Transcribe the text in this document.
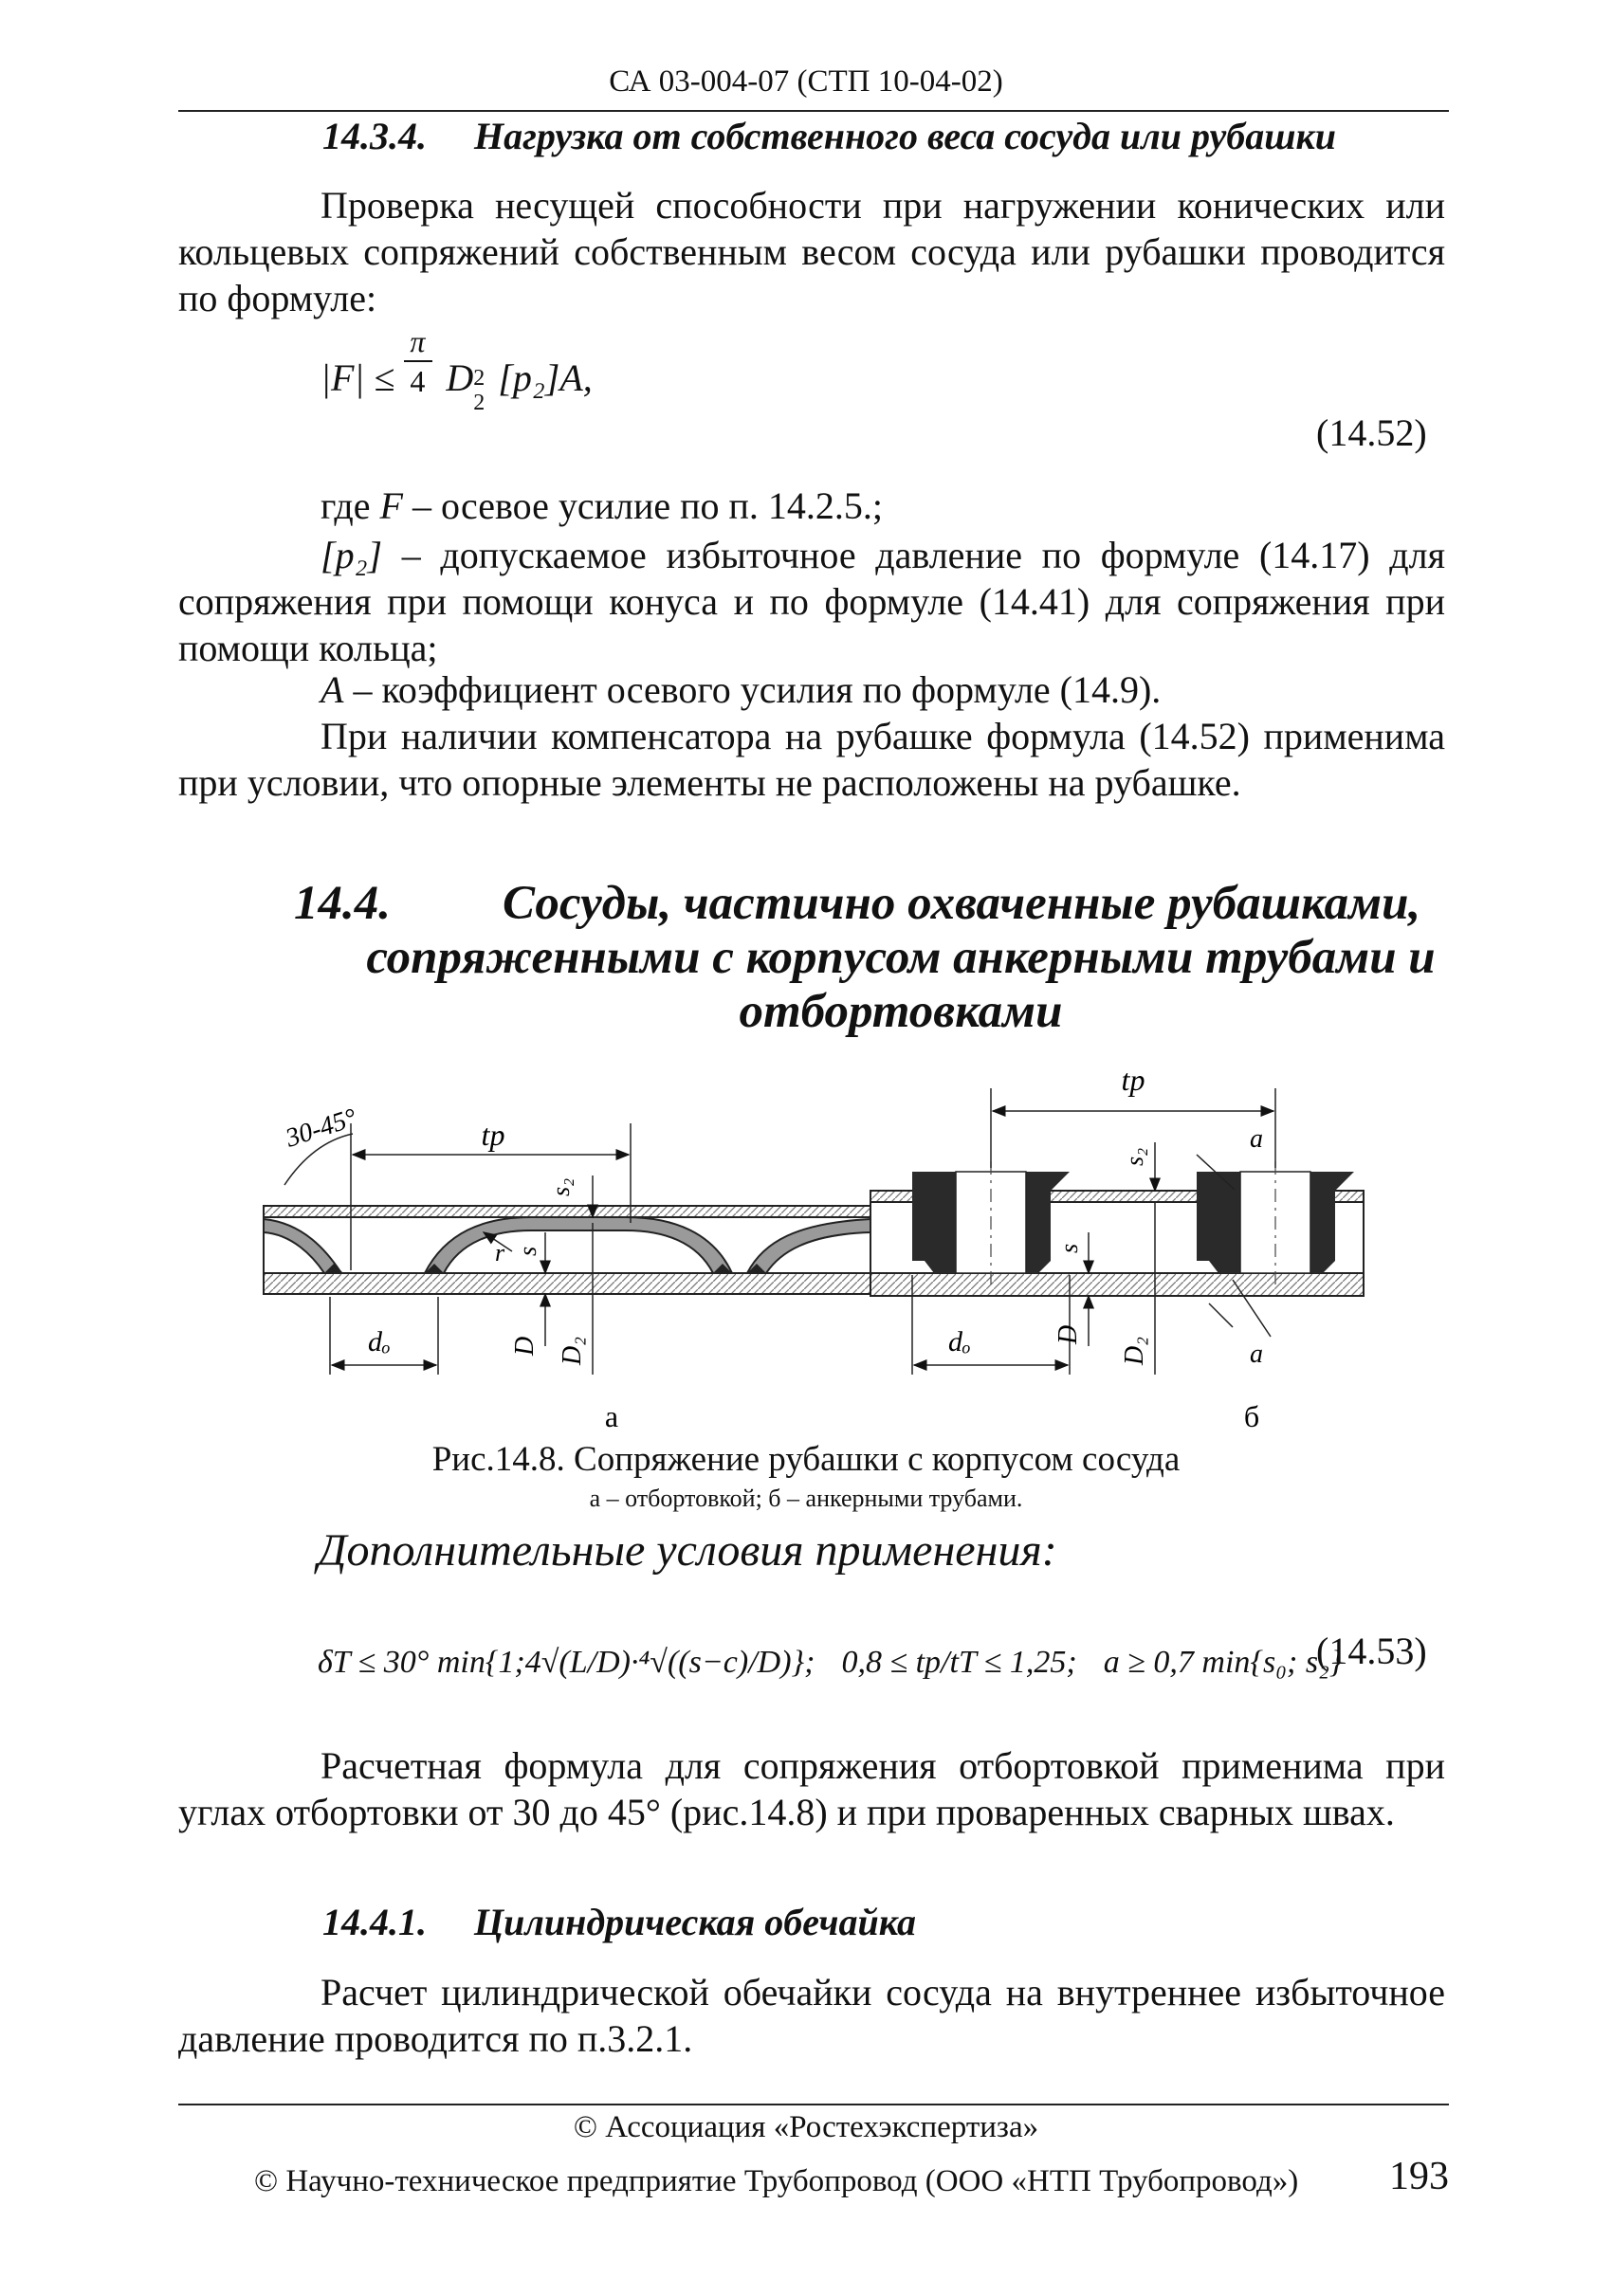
СА 03-004-07 (СТП 10-04-02)
14.3.4. Нагрузка от собственного веса сосуда или рубашки
Проверка несущей способности при нагружении конических или кольцевых сопряжений собственным весом сосуда или рубашки проводится по формуле:
$|F| \le \frac{\pi}{4}$ D 2
2
[p₂]A,
(14.52)
где F – осевое усилие по п. 14.2.5.;
[p₂] – допускаемое избыточное давление по формуле (14.17) для сопряжения при помощи конуса и по формуле (14.41) для сопряжения при помощи кольца;
A – коэффициент осевого усилия по формуле (14.9).
При наличии компенсатора на рубашке формула (14.52) применима при условии, что опорные элементы не расположены на рубашке.
14.4. Сосуды, частично охваченные рубашками,
сопряженными с корпусом анкерными трубами и
отбортовками
tp
30-45°
s₂
s
r
dₒ	D D₂
tp
s₂
s
a
a
dₒ	D
D₂
а	б
Рис.14.8. Сопряжение рубашки с корпусом сосуда
а – отбортовкой; б – анкерными трубами.
Дополнительные условия применения:
δT ≤ 30° min{1;4√(L/D)·⁴√((s−c)/D)}; 0,8 ≤ tp/tT ≤ 1,25; a ≥ 0,7 min{s₀; s₂}
(14.53)
Расчетная формула для сопряжения отбортовкой применима при углах отбортовки от 30 до 45° (рис.14.8) и при проваренных сварных швах.
14.4.1. Цилиндрическая обечайка
Расчет цилиндрической обечайки сосуда на внутреннее избыточное давление проводится по п.3.2.1.
© Ассоциация «Ростехэкспертиза»
© Научно-техническое предприятие Трубопровод (ООО «НТП Трубопровод») 193
